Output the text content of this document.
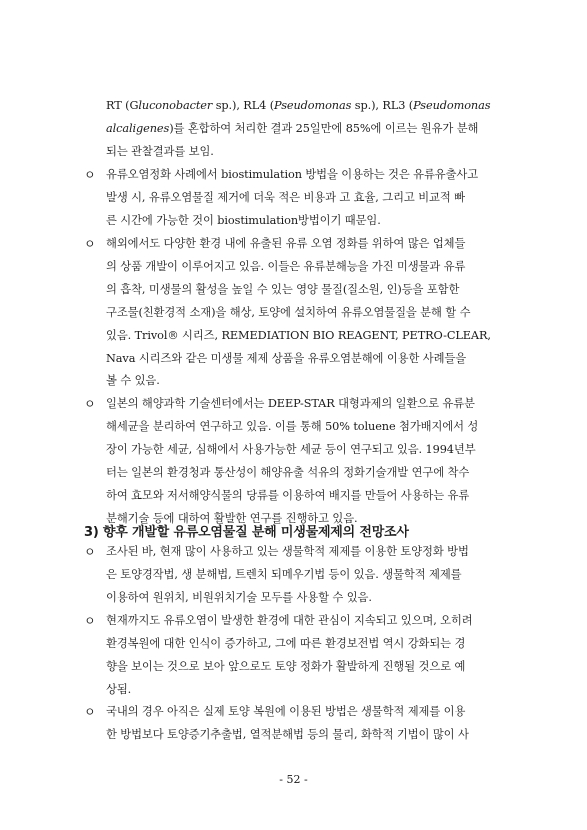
RT (Gluconobacter sp.), RL4 (Pseudomonas sp.), RL3 (Pseudomonas
alcaligenes)를 혼합하여 처리한 결과 25일만에 85%에 이르는 원유가 분해
되는 관찰결과를 보임.
ㅇ 유류오염정화 사례에서 biostimulation 방법을 이용하는 것은 유류유출사고
발생 시, 유류오염물질 제거에 더욱 적은 비용과 고 효율, 그리고 비교적 빠
른 시간에 가능한 것이 biostimulation방법이기 때문임.
ㅇ 해외에서도 다양한 환경 내에 유출된 유류 오염 정화를 위하여 많은 업체들
의 상품 개발이 이루어지고 있음. 이들은 유류분해능을 가진 미생물과 유류
의 흡착, 미생물의 활성을 높일 수 있는 영양 물질(질소원, 인)등을 포함한
구조물(친환경적 소재)을 해상, 토양에 설치하여 유류오염물질을 분해 할 수
있음. Trivol® 시리즈, REMEDIATION BIO REAGENT, PETRO-CLEAR,
Nava 시리즈와 같은 미생물 제제 상품을 유류오염분해에 이용한 사례들을
볼 수 있음.
ㅇ 일본의 해양과학 기술센터에서는 DEEP-STAR 대형과제의 일환으로 유류분
해세균을 분리하여 연구하고 있음. 이를 통해 50% toluene 첨가배지에서 성
장이 가능한 세균, 심해에서 사용가능한 세균 등이 연구되고 있음. 1994년부
터는 일본의 환경청과 통산성이 해양유출 석유의 정화기술개발 연구에 착수
하여 효모와 저서해양식물의 당류를 이용하여 배지를 만들어 사용하는 유류
분해기술 등에 대하여 활발한 연구를 진행하고 있음.
3) 향후 개발할 유류오염물질 분해 미생물제제의 전망조사
ㅇ 조사된 바, 현재 많이 사용하고 있는 생물학적 제제를 이용한 토양정화 방법
은 토양경작법, 생 분해법, 트렌치 되메우기법 등이 있음. 생물학적 제제를
이용하여 원위치, 비원위치기술 모두를 사용할 수 있음.
ㅇ 현재까지도 유류오염이 발생한 환경에 대한 관심이 지속되고 있으며, 오히려
환경복원에 대한 인식이 증가하고, 그에 따른 환경보전법 역시 강화되는 경
향을 보이는 것으로 보아 앞으로도 토양 정화가 활발하게 진행될 것으로 예
상됨.
ㅇ 국내의 경우 아직은 실제 토양 복원에 이용된 방법은 생물학적 제제를 이용
한 방법보다 토양증기추출법, 열적분해법 등의 물리, 화학적 기법이 많이 사
- 52 -
